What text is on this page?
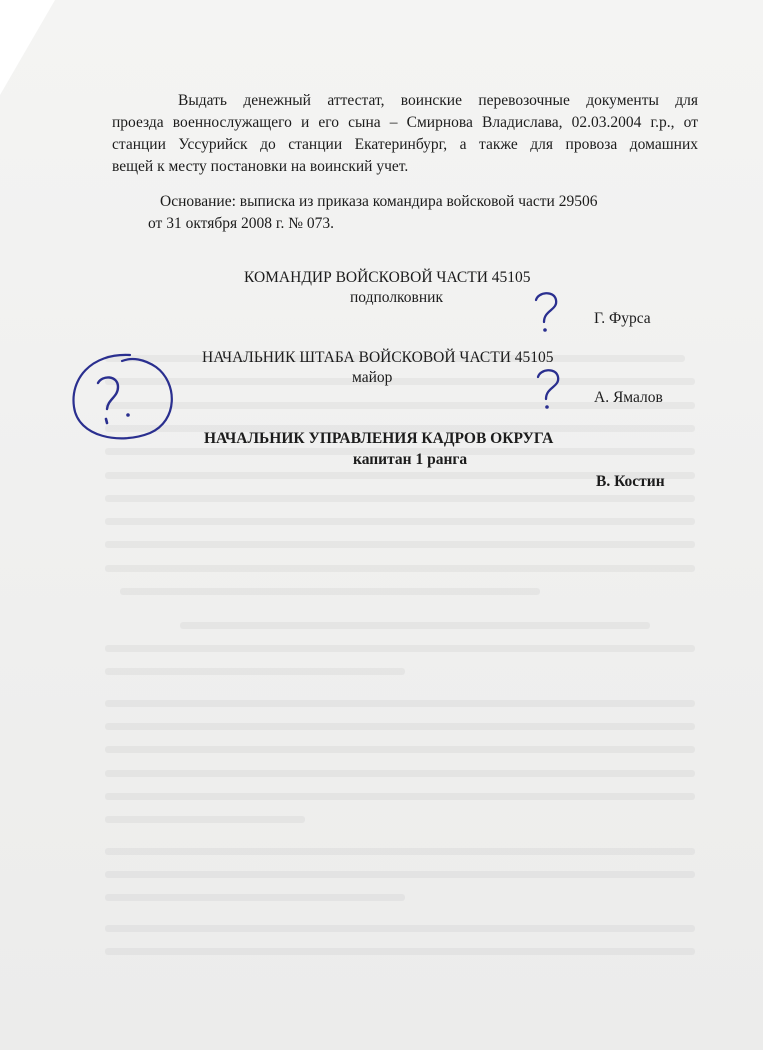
Выдать денежный аттестат, воинские перевозочные документы для
проезда военнослужащего и его сына – Смирнова Владислава, 02.03.2004 г.р., от
станции Уссурийск до станции Екатеринбург, а также для провоза домашних
вещей к месту постановки на воинский учет.
Основание: выписка из приказа командира войсковой части 29506
от 31 октября 2008 г. № 073.
КОМАНДИР ВОЙСКОВОЙ ЧАСТИ 45105
подполковник
Г. Фурса
НАЧАЛЬНИК ШТАБА ВОЙСКОВОЙ ЧАСТИ 45105
майор
А. Ямалов
НАЧАЛЬНИК УПРАВЛЕНИЯ КАДРОВ ОКРУГА
капитан 1 ранга
В. Костин
